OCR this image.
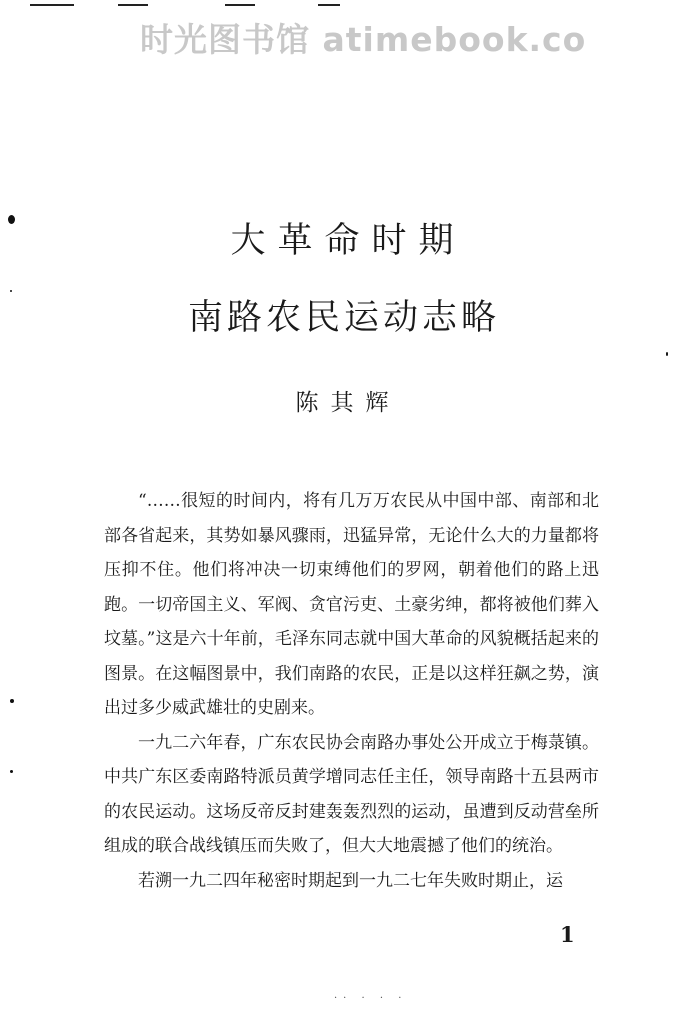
时光图书馆 atimebook.co
大革命时期
南路农民运动志略
陈其辉

“……很短的时间内，将有几万万农民从中国中部、南部和北部各省起来，其势如暴风骤雨，迅猛异常，无论什么大的力量都将压抑不住。他们将冲决一切束缚他们的罗网，朝着他们的路上迅跑。一切帝国主义、军阀、贪官污吏、土豪劣绅，都将被他们葬入坟墓。”这是六十年前，毛泽东同志就中国大革命的风貌概括起来的图景。在这幅图景中，我们南路的农民，正是以这样狂飙之势，演出过多少威武雄壮的史剧来。

一九二六年春，广东农民协会南路办事处公开成立于梅菉镇。中共广东区委南路特派员黄学增同志任主任，领导南路十五县两市的农民运动。这场反帝反封建轰轰烈烈的运动，虽遭到反动营垒所组成的联合战线镇压而失败了，但大大地震撼了他们的统治。

若溯一九二四年秘密时期起到一九二七年失败时期止，运

1
·· · · ·
